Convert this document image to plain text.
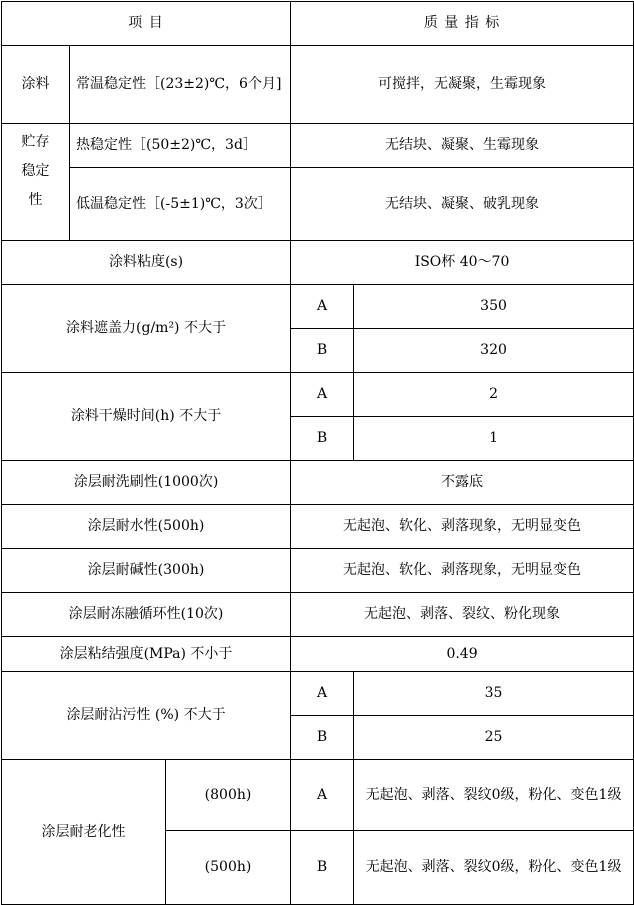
项 目			质 量 指 标	
涂料	常温稳定性［(23±2)℃，6个月]		可搅拌，无凝聚，生霉现象	

贮存
稳定
性	热稳定性［(50±2)℃，3d］		无结块、凝聚、生霉现象	
	低温稳定性［(-5±1)℃，3次］		无结块、凝聚、破乳现象	
涂料粘度(s)			ISO杯 40～70	
涂料遮盖力(g/m²) 不大于			A	350
			B	320
涂料干燥时间(h) 不大于			A	2
			B	1
涂层耐洗刷性(1000次)			不露底	
涂层耐水性(500h)			无起泡、软化、剥落现象，无明显变色	
涂层耐碱性(300h)			无起泡、软化、剥落现象，无明显变色	
涂层耐冻融循环性(10次)			无起泡、剥落、裂纹、粉化现象	
涂层粘结强度(MPa) 不小于			0.49	
涂层耐沾污性 (%) 不大于			A	35
			B	25
涂层耐老化性		(800h)	A	无起泡、剥落、裂纹0级，粉化、变色1级
		(500h)	B	无起泡、剥落、裂纹0级，粉化、变色1级
